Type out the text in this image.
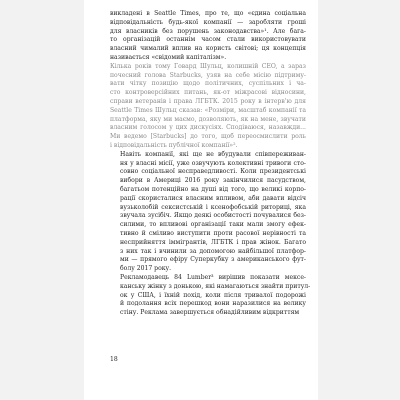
викладені в Seattle Times, про те, що «єдина соціальна
відповідальність будь-якої компанії — заробляти гроші
для власників без порушень законодавства»¹. Але бага-
то організацій останнім часом стали використовувати
власний чималий вплив на користь світові; ця концепція
називається «свідомий капіталізм».

Кілька років тому Говард Шульц, колишній CEO, а зараз
почесний голова Starbucks, узяв на себе місію підтриму-
вати чітку позицію щодо політичних, суспільних і ча-
сто контроверсійних питань, як-от міжрасові відносини,
справи ветеранів і права ЛГБТК. 2015 року в інтерв'ю для
Seattle Times Шульц сказав: «Розміри, масштаб компанії та
платформа, яку ми маємо, дозволяють, як на мене, звучати
власним голосом у цих дискусіях. Сподіваюся, назавжди...
Ми ведемо [Starbucks] до того, щоб переосмислити роль
і відповідальність публічної компанії»².

Навіть компанії, які ще не вбудували співпереживан-
ня у власні місії, уже озвучують колективні тривоги сто-
совно соціальної несправедливості. Коли президентські
вибори в Америці 2016 року закінчилися пасудством,
багатьом потенційно на душі від того, що великі корпо-
рації скористалися власним впливом, аби давати відсіч
вузьколобій сексистській і ксенофобській риториці, яка
звучала зусібіч. Якщо деякі особистості почувалися без-
силими, то впливові організації таки мали змогу ефек-
тивно й сміливо виступити проти расової нерівності та
несприйняття іммігрантів, ЛГБТК і прав жінок. Багато
з них так і вчинили за допомогою найбільшої платфор-
ми — прямого ефіру Суперкубку з американського фут-
болу 2017 року.

Рекламодавець 84 Lumber³ вирішив показати мексе-
канську жінку з донькою, які намагаються знайти притул-
ок у США, і їхній похід, коли після тривалої подорожі
й подолання всіх перешкод вони наразилися на велику
стіну. Реклама завершується обнадійливим відкриттям

18
